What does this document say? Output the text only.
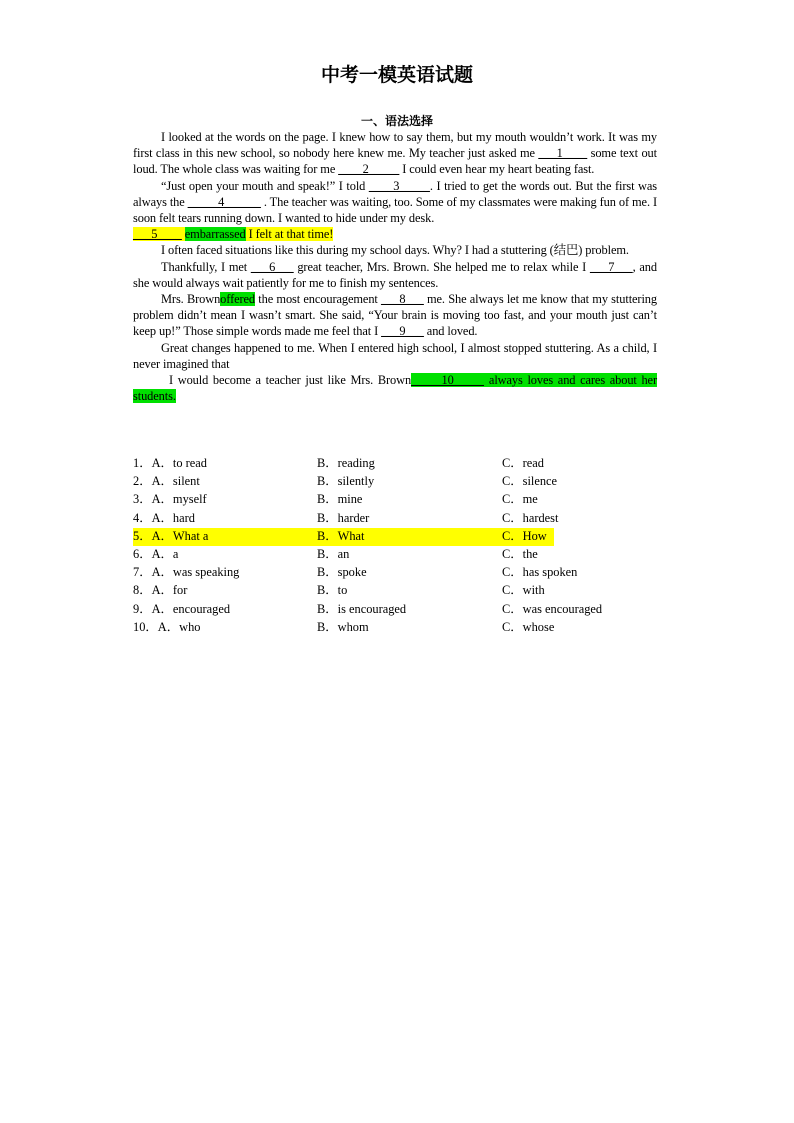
中考一模英语试题
一、语法选择

I looked at the words on the page. I knew how to say them, but my mouth wouldn’t work. It was my first class in this new school, so nobody here knew me. My teacher just asked me ___1____ some text out loud. The whole class was waiting for me ____2_____ I could even hear my heart beating fast.

“Just open your mouth and speak!” I told ____3_____. I tried to get the words out. But the first was always the _____4______ . The teacher was waiting, too. Some of my classmates were making fun of me. I soon felt tears running down. I wanted to hide under my desk.

___5____ embarrassed I felt at that time!

I often faced situations like this during my school days. Why? I had a stuttering (结巴) problem.

Thankfully, I met ___6___ great teacher, Mrs. Brown. She helped me to relax while I ___7___, and she would always wait patiently for me to finish my sentences.

Mrs. Brownoffered the most encouragement ___8___ me. She always let me know that my stuttering problem didn’t mean I wasn’t smart. She said, “Your brain is moving too fast, and your mouth just can’t keep up!” Those simple words made me feel that I ___9___ and loved.

Great changes happened to me. When I entered high school, I almost stopped stuttering. As a child, I never imagined that

I would become a teacher just like Mrs. Brown_____10_____ always loves and cares about her students.

1．A．to read	B．reading	C．read
2．A．silent	B．silently	C．silence
3．A．myself	B．mine	C．me
4．A．hard	B．harder	C．hardest
5．A．What a	B．What	C．How
6．A．a	B．an	C．the
7．A．was speaking	B．spoke	C．has spoken
8．A．for	B．to	C．with
9．A．encouraged	B．is encouraged	C．was encouraged
10．A．who	B．whom	C．whose
